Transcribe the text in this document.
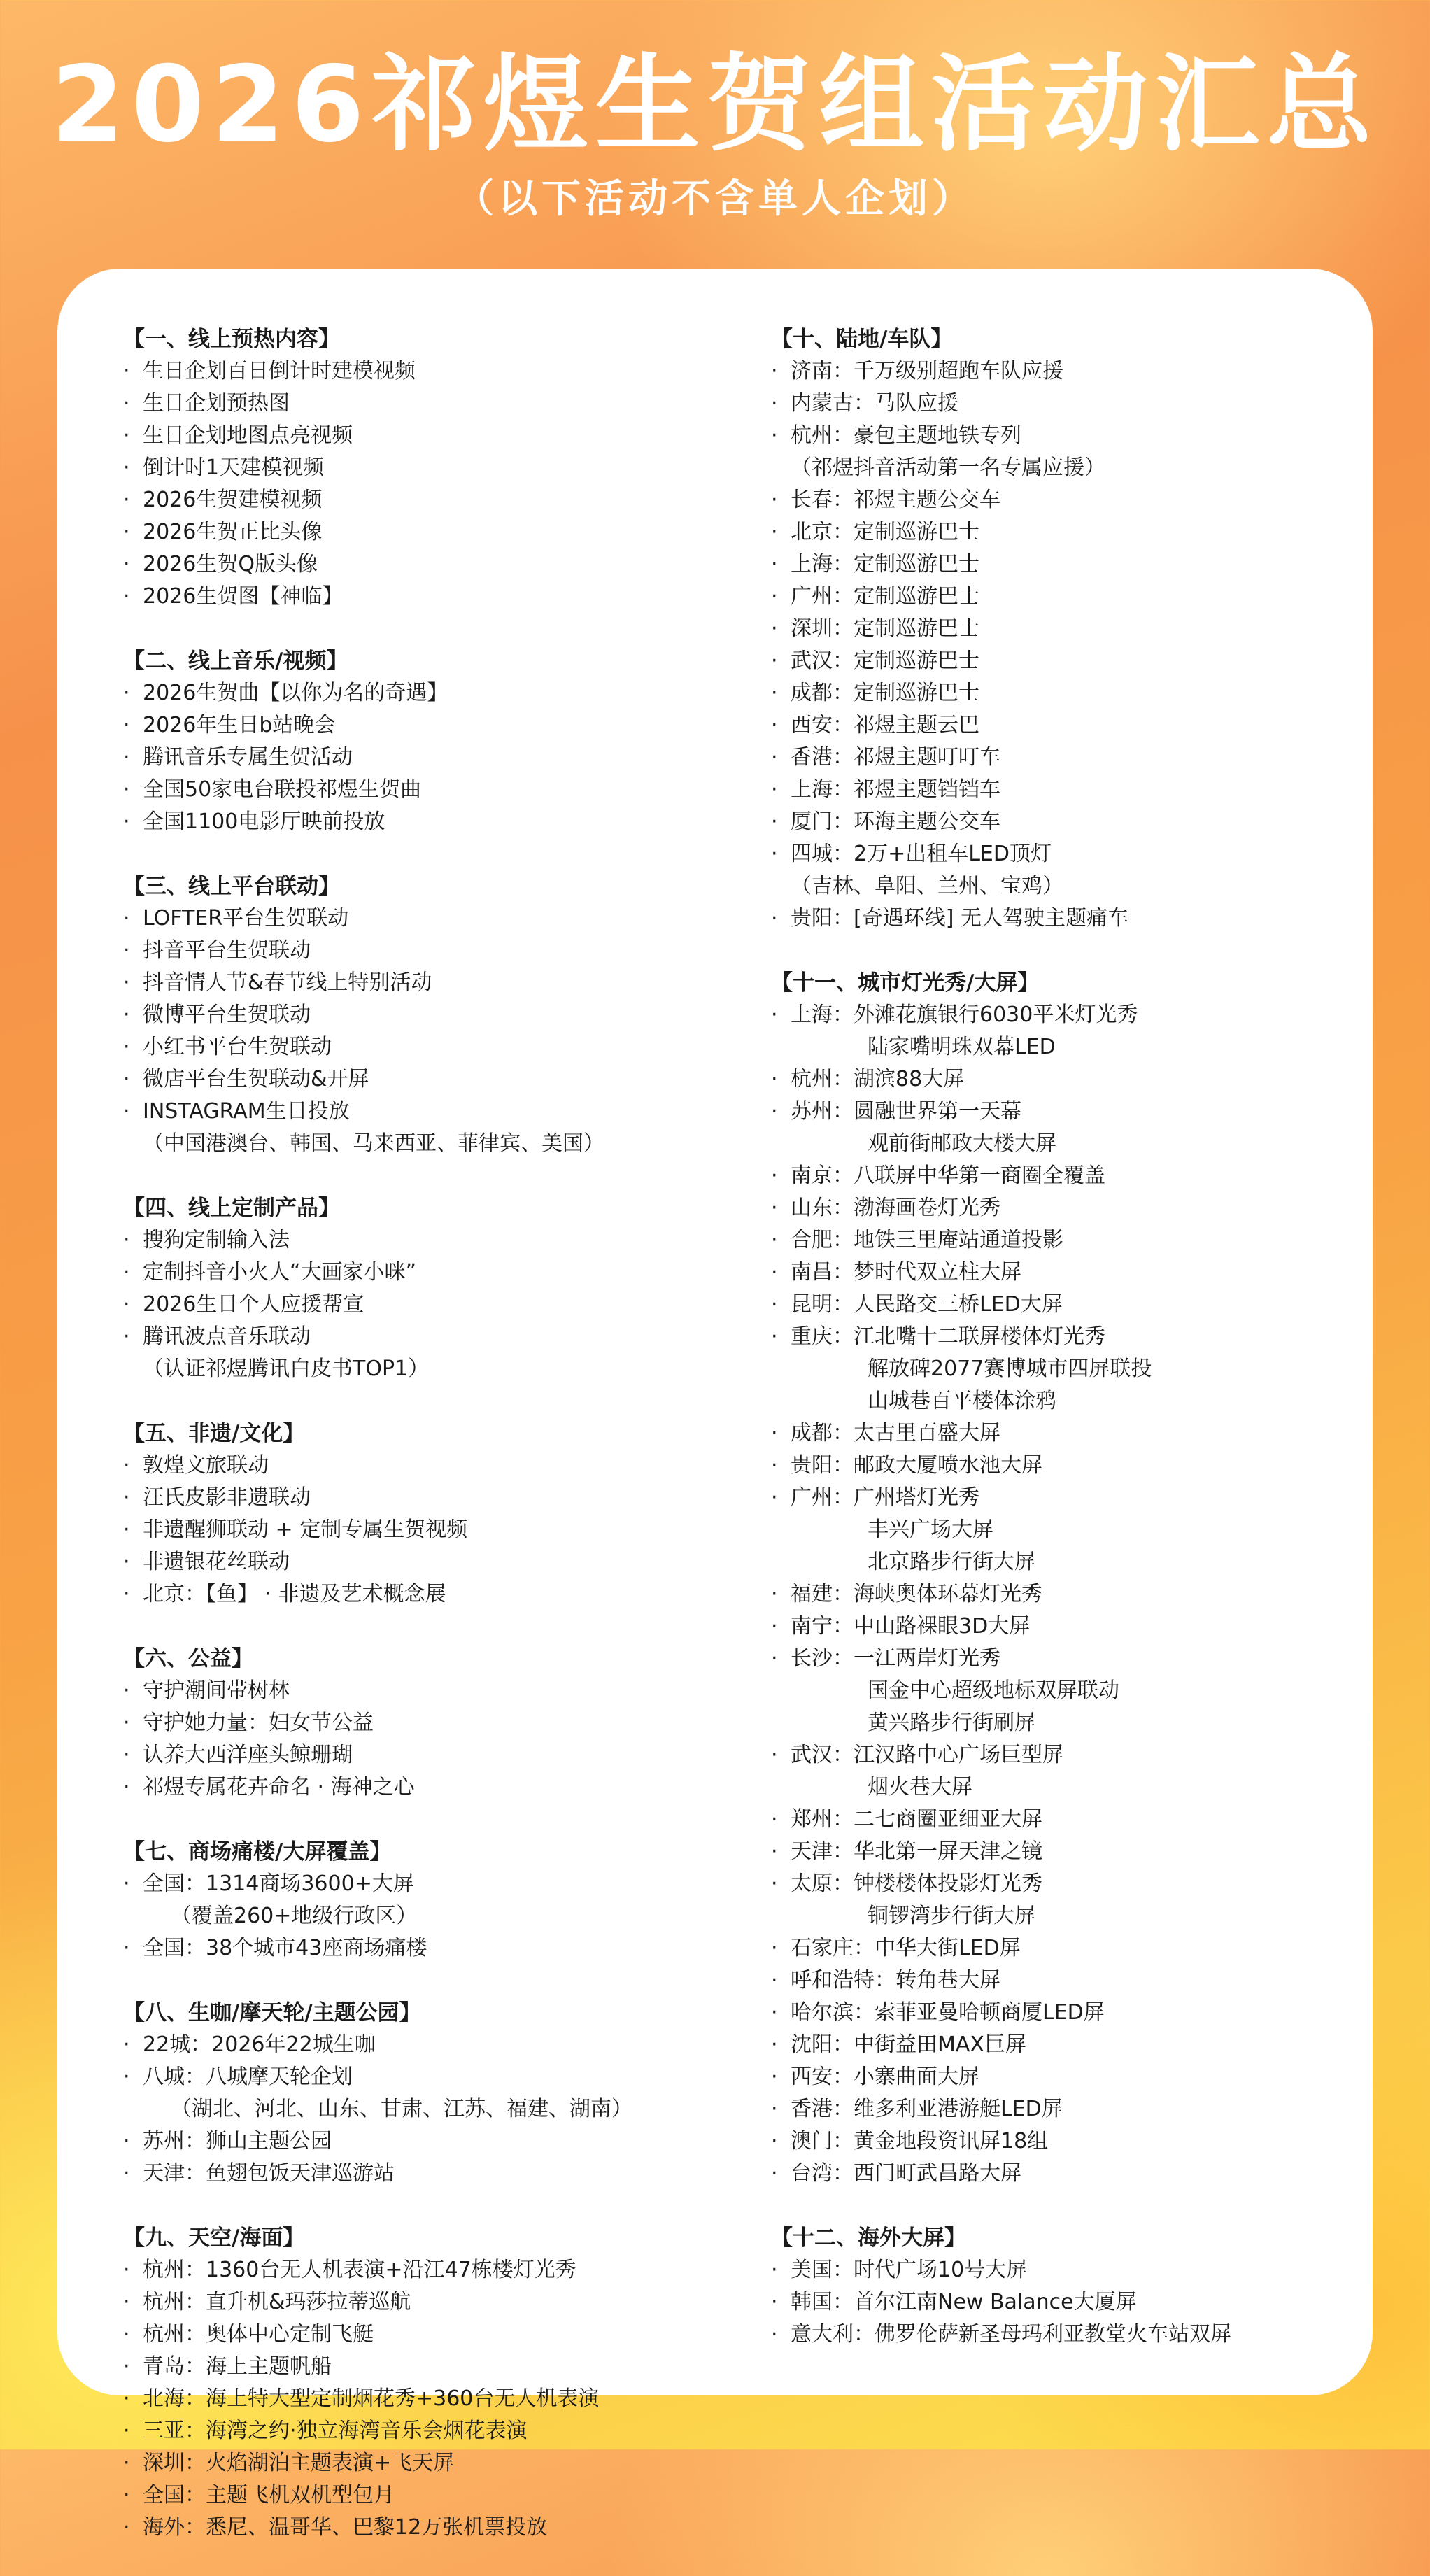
2026祁煜生贺组活动汇总
（以下活动不含单人企划）
【一、线上预热内容】
· 生日企划百日倒计时建模视频
· 生日企划预热图
· 生日企划地图点亮视频
· 倒计时1天建模视频
· 2026生贺建模视频
· 2026生贺正比头像
· 2026生贺Q版头像
· 2026生贺图【神临】
【二、线上音乐/视频】
· 2026生贺曲【以你为名的奇遇】
· 2026年生日b站晚会
· 腾讯音乐专属生贺活动
· 全国50家电台联投祁煜生贺曲
· 全国1100电影厅映前投放
【三、线上平台联动】
· LOFTER平台生贺联动
· 抖音平台生贺联动
· 抖音情人节&春节线上特别活动
· 微博平台生贺联动
· 小红书平台生贺联动
· 微店平台生贺联动&开屏
· INSTAGRAM生日投放
（中国港澳台、韩国、马来西亚、菲律宾、美国）
【四、线上定制产品】
· 搜狗定制输入法
· 定制抖音小火人“大画家小咪”
· 2026生日个人应援帮宣
· 腾讯波点音乐联动
（认证祁煜腾讯白皮书TOP1）
【五、非遗/文化】
· 敦煌文旅联动
· 汪氏皮影非遗联动
· 非遗醒狮联动 + 定制专属生贺视频
· 非遗银花丝联动
· 北京：【鱼】 · 非遗及艺术概念展
【六、公益】
· 守护潮间带树林
· 守护她力量：妇女节公益
· 认养大西洋座头鲸珊瑚
· 祁煜专属花卉命名 · 海神之心
【七、商场痛楼/大屏覆盖】
· 全国：1314商场3600+大屏
（覆盖260+地级行政区）
· 全国：38个城市43座商场痛楼
【八、生咖/摩天轮/主题公园】
· 22城：2026年22城生咖
· 八城：八城摩天轮企划
（湖北、河北、山东、甘肃、江苏、福建、湖南）
· 苏州：狮山主题公园
· 天津：鱼翅包饭天津巡游站
【九、天空/海面】
· 杭州：1360台无人机表演+沿江47栋楼灯光秀
· 杭州：直升机&玛莎拉蒂巡航
· 杭州：奥体中心定制飞艇
· 青岛：海上主题帆船
· 北海：海上特大型定制烟花秀+360台无人机表演
· 三亚：海湾之约·独立海湾音乐会烟花表演
· 深圳：火焰湖泊主题表演+飞天屏
· 全国：主题飞机双机型包月
· 海外：悉尼、温哥华、巴黎12万张机票投放
【十、陆地/车队】
· 济南：千万级别超跑车队应援
· 内蒙古：马队应援
· 杭州：豪包主题地铁专列
（祁煜抖音活动第一名专属应援）
· 长春：祁煜主题公交车
· 北京：定制巡游巴士
· 上海：定制巡游巴士
· 广州：定制巡游巴士
· 深圳：定制巡游巴士
· 武汉：定制巡游巴士
· 成都：定制巡游巴士
· 西安：祁煜主题云巴
· 香港：祁煜主题叮叮车
· 上海：祁煜主题铛铛车
· 厦门：环海主题公交车
· 四城：2万+出租车LED顶灯
（吉林、阜阳、兰州、宝鸡）
· 贵阳：[奇遇环线] 无人驾驶主题痛车
【十一、城市灯光秀/大屏】
· 上海：外滩花旗银行6030平米灯光秀
陆家嘴明珠双幕LED
· 杭州：湖滨88大屏
· 苏州：圆融世界第一天幕
观前街邮政大楼大屏
· 南京：八联屏中华第一商圈全覆盖
· 山东：渤海画卷灯光秀
· 合肥：地铁三里庵站通道投影
· 南昌：梦时代双立柱大屏
· 昆明：人民路交三桥LED大屏
· 重庆：江北嘴十二联屏楼体灯光秀
解放碑2077赛博城市四屏联投
山城巷百平楼体涂鸦
· 成都：太古里百盛大屏
· 贵阳：邮政大厦喷水池大屏
· 广州：广州塔灯光秀
丰兴广场大屏
北京路步行街大屏
· 福建：海峡奥体环幕灯光秀
· 南宁：中山路裸眼3D大屏
· 长沙：一江两岸灯光秀
国金中心超级地标双屏联动
黄兴路步行街刷屏
· 武汉：江汉路中心广场巨型屏
烟火巷大屏
· 郑州：二七商圈亚细亚大屏
· 天津：华北第一屏天津之镜
· 太原：钟楼楼体投影灯光秀
铜锣湾步行街大屏
· 石家庄：中华大街LED屏
· 呼和浩特：转角巷大屏
· 哈尔滨：索菲亚曼哈顿商厦LED屏
· 沈阳：中街益田MAX巨屏
· 西安：小寨曲面大屏
· 香港：维多利亚港游艇LED屏
· 澳门：黄金地段资讯屏18组
· 台湾：西门町武昌路大屏
【十二、海外大屏】
· 美国：时代广场10号大屏
· 韩国：首尔江南New Balance大厦屏
· 意大利：佛罗伦萨新圣母玛利亚教堂火车站双屏
